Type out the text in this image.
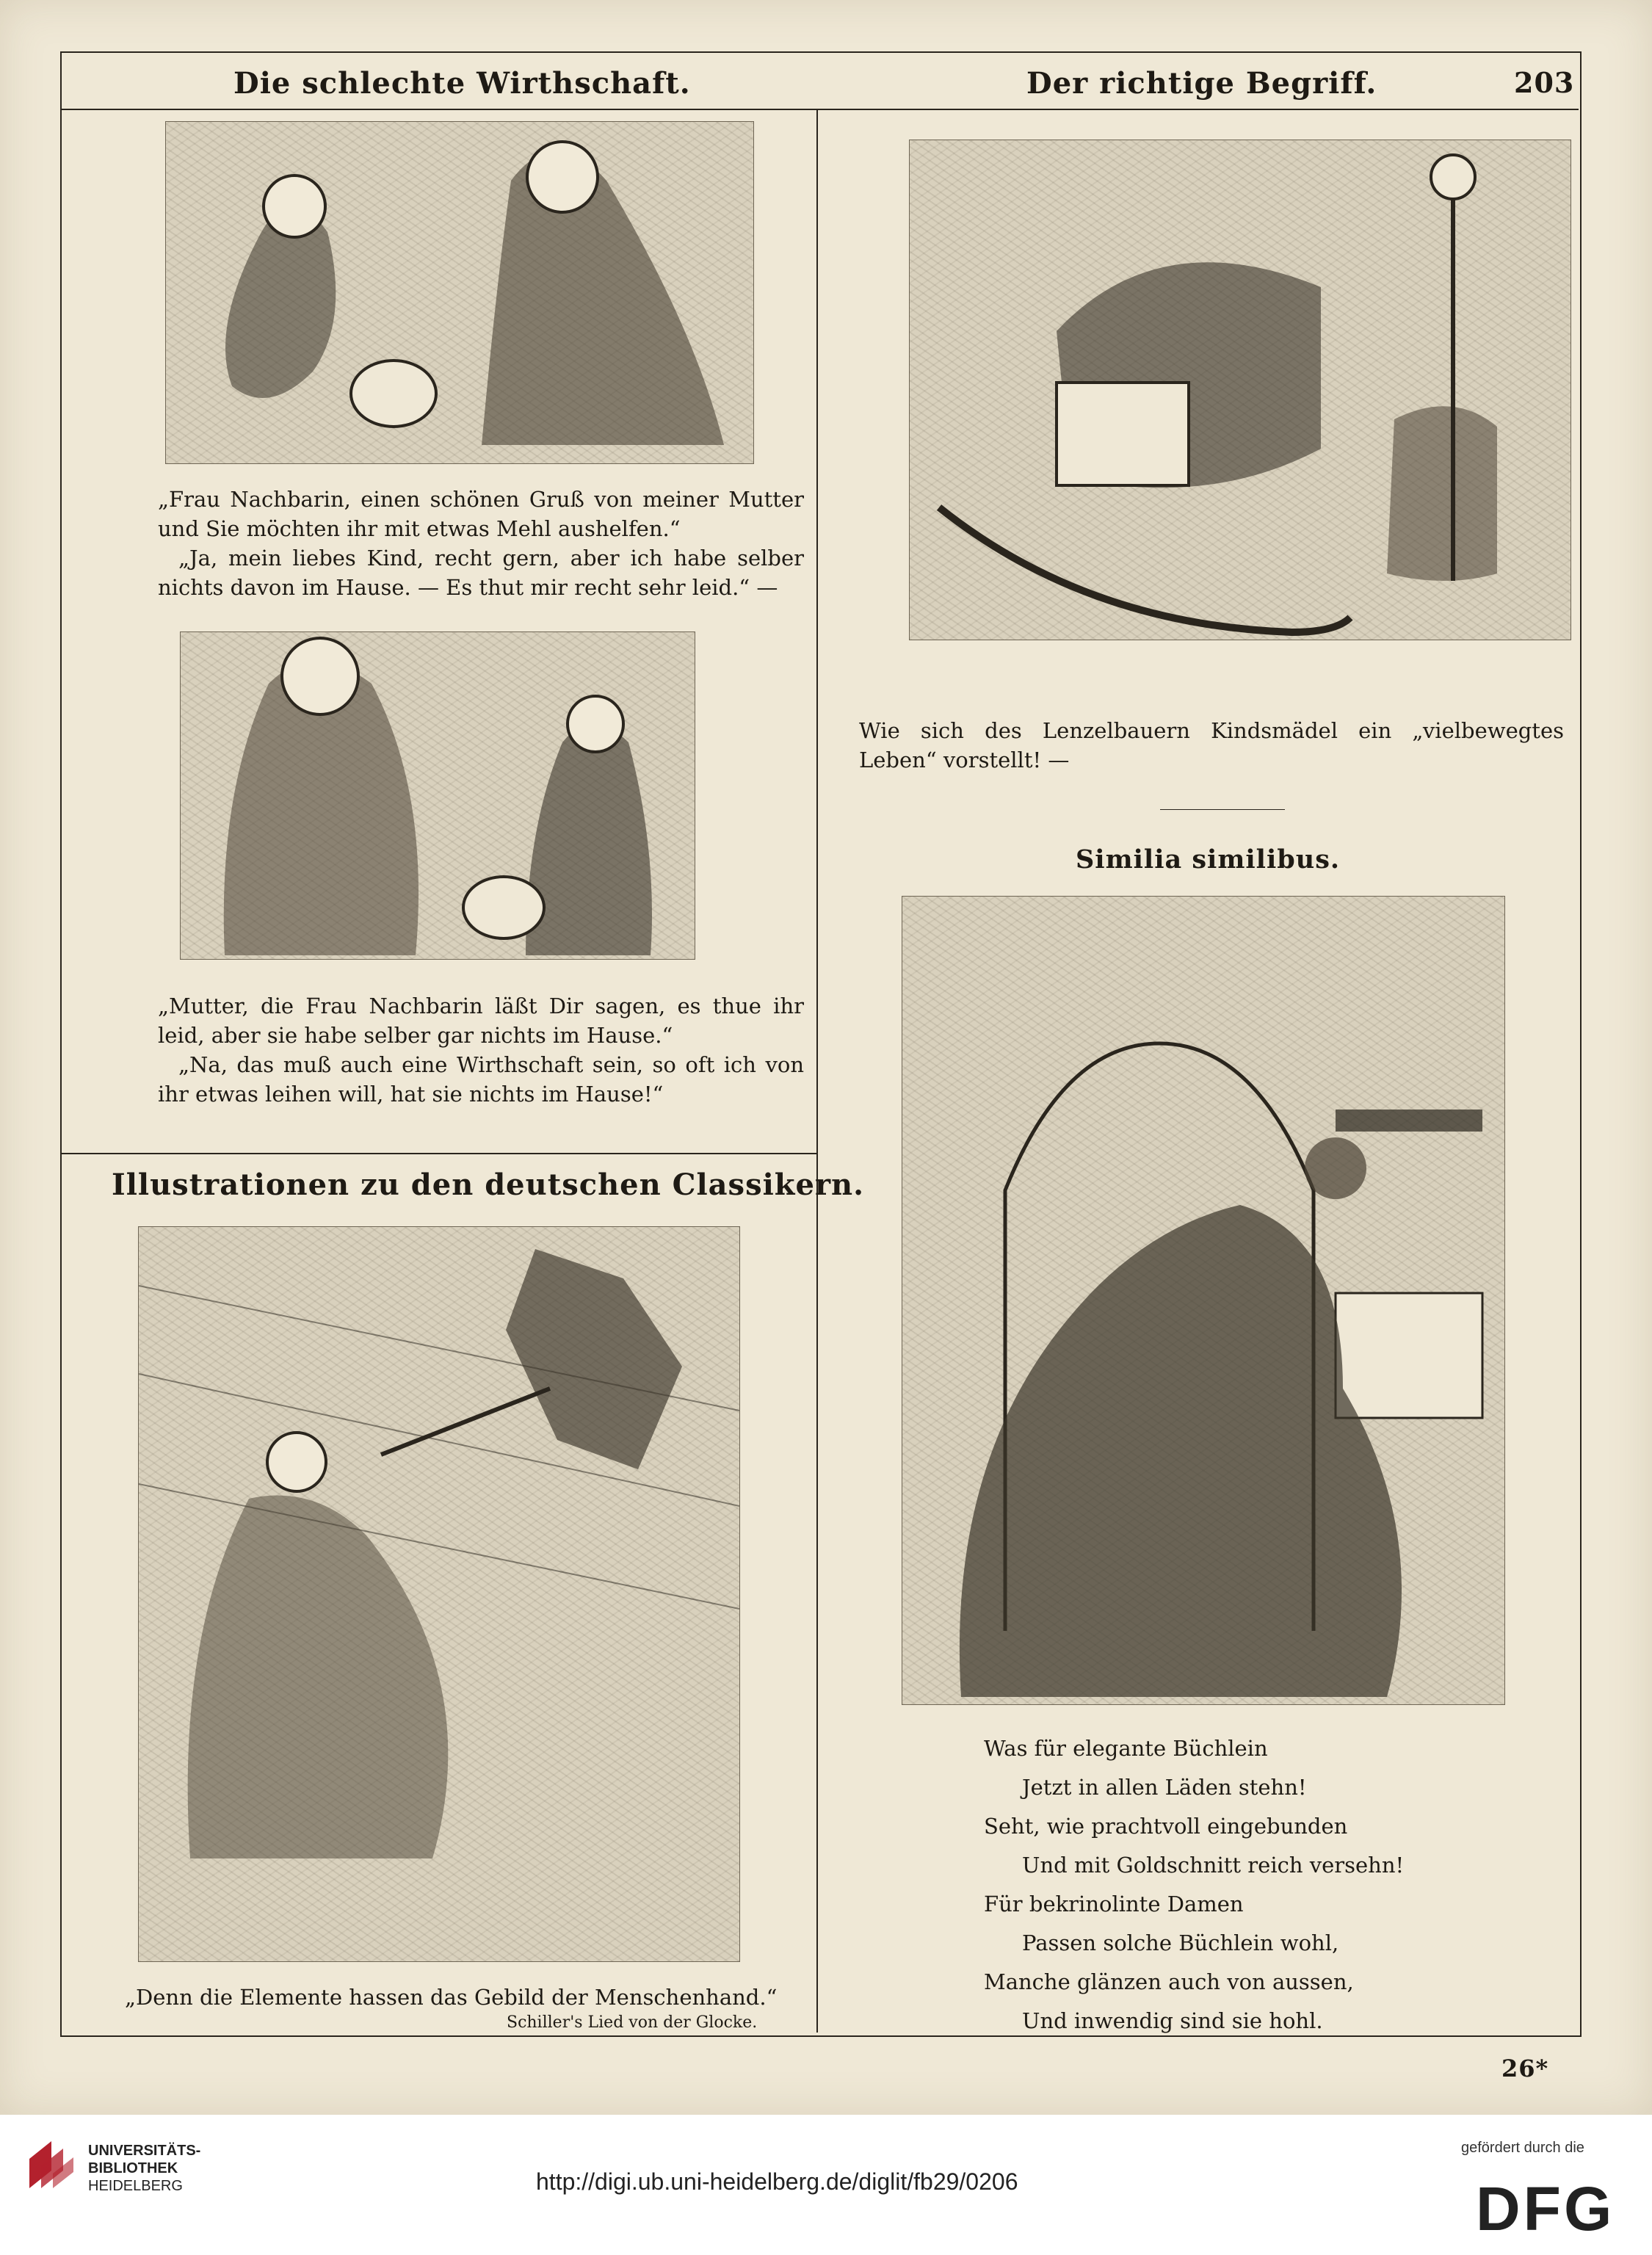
Die schlechte Wirthschaft.	Der richtige Begriff.	203

„Frau Nachbarin, einen schönen Gruß von meiner Mutter und Sie möchten ihr mit etwas Mehl aushelfen.“

„Ja, mein liebes Kind, recht gern, aber ich habe selber nichts davon im Hause. — Es thut mir recht sehr leid.“ —

„Mutter, die Frau Nachbarin läßt Dir sagen, es thue ihr leid, aber sie habe selber gar nichts im Hause.“

„Na, das muß auch eine Wirthschaft sein, so oft ich von ihr etwas leihen will, hat sie nichts im Hause!“

Illustrationen zu den deutschen Classikern.
„Denn die Elemente hassen das Gebild der Menschenhand.“
Schiller's Lied von der Glocke.
Wie sich des Lenzelbauern Kindsmädel ein „vielbewegtes Leben“ vorstellt! —
Similia similibus.
Was für elegante Büchlein
Jetzt in allen Läden stehn!
Seht, wie prachtvoll eingebunden
Und mit Goldschnitt reich versehn!
Für bekrinolinte Damen
Passen solche Büchlein wohl,
Manche glänzen auch von aussen,
Und inwendig sind sie hohl.
26*
UNIVERSITÄTS-
BIBLIOTHEK
HEIDELBERG	http://digi.ub.uni-heidelberg.de/diglit/fb29/0206
gefördert durch die
DFG
